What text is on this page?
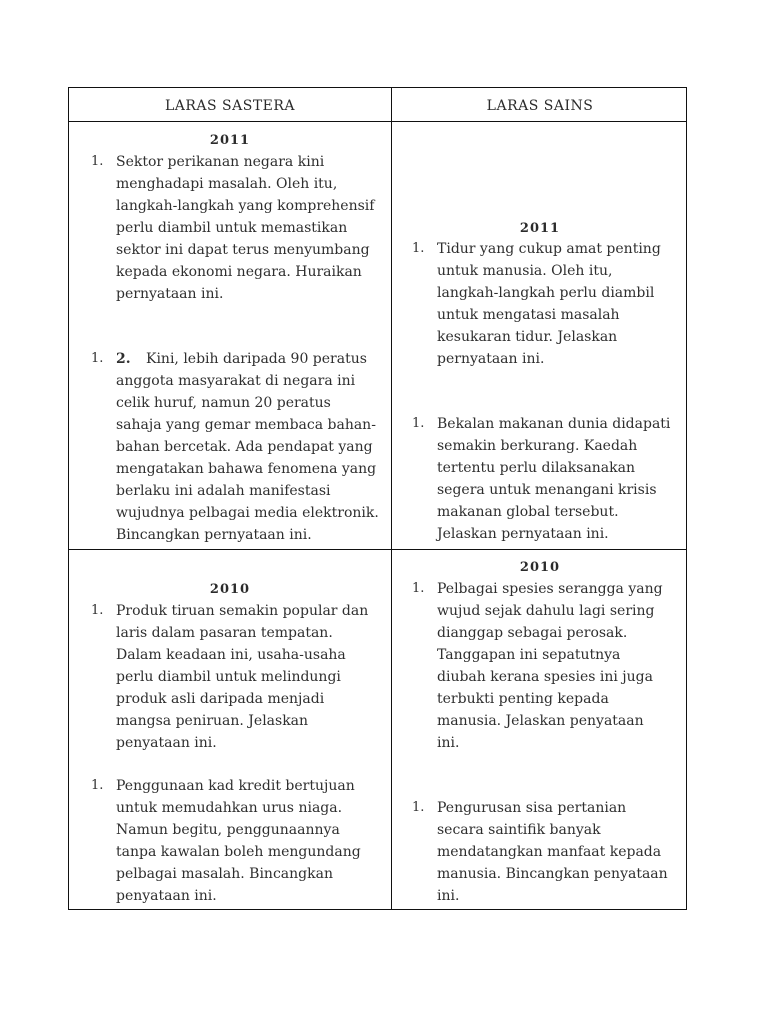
LARAS SASTERA	LARAS SAINS
2011
1. Sektor perikanan negara kini
menghadapi masalah. Oleh itu,
langkah-langkah yang komprehensif
perlu diambil untuk memastikan
sektor ini dapat terus menyumbang
kepada ekonomi negara. Huraikan
pernyataan ini.
1. 2.	Kini, lebih daripada 90 peratus
anggota masyarakat di negara ini
celik huruf, namun 20 peratus
sahaja yang gemar membaca bahan-
bahan bercetak. Ada pendapat yang
mengatakan bahawa fenomena yang
berlaku ini adalah manifestasi
wujudnya pelbagai media elektronik.
Bincangkan pernyataan ini.
2011
1. Tidur yang cukup amat penting
untuk manusia. Oleh itu,
langkah-langkah perlu diambil
untuk mengatasi masalah
kesukaran tidur. Jelaskan
pernyataan ini.
1. Bekalan makanan dunia didapati
semakin berkurang. Kaedah
tertentu perlu dilaksanakan
segera untuk menangani krisis
makanan global tersebut.
Jelaskan pernyataan ini.
2010
1. Produk tiruan semakin popular dan
laris dalam pasaran tempatan.
Dalam keadaan ini, usaha-usaha
perlu diambil untuk melindungi
produk asli daripada menjadi
mangsa peniruan. Jelaskan
penyataan ini.
1. Penggunaan kad kredit bertujuan
untuk memudahkan urus niaga.
Namun begitu, penggunaannya
tanpa kawalan boleh mengundang
pelbagai masalah. Bincangkan
penyataan ini.
2010
1. Pelbagai spesies serangga yang
wujud sejak dahulu lagi sering
dianggap sebagai perosak.
Tanggapan ini sepatutnya
diubah kerana spesies ini juga
terbukti penting kepada
manusia. Jelaskan penyataan
ini.
1. Pengurusan sisa pertanian
secara saintifik banyak
mendatangkan manfaat kepada
manusia. Bincangkan penyataan
ini.
